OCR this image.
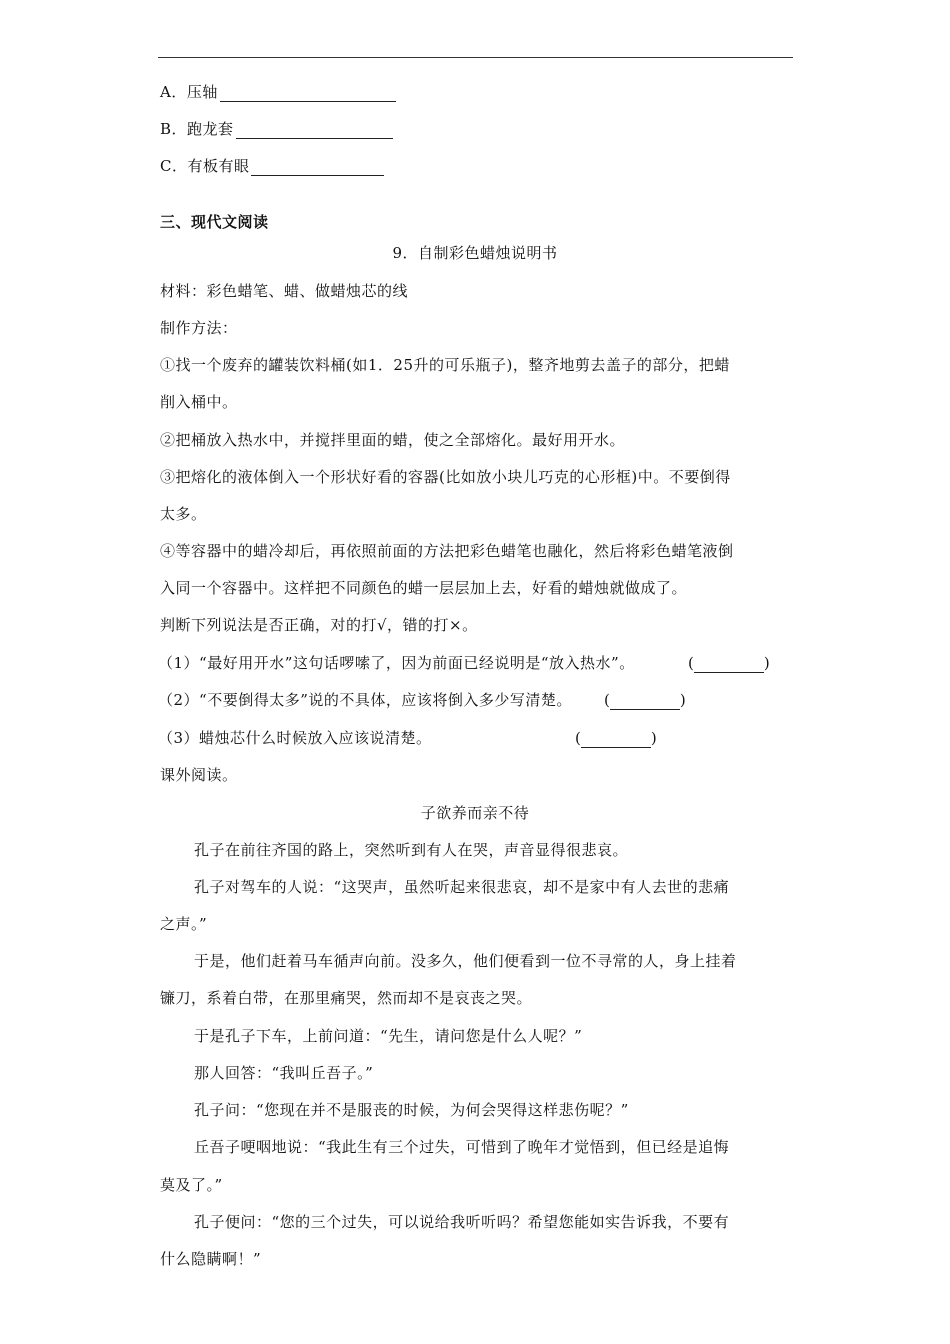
A．压轴
B．跑龙套
C．有板有眼
三、现代文阅读
9．自制彩色蜡烛说明书
材料：彩色蜡笔、蜡、做蜡烛芯的线
制作方法：
①找一个废弃的罐装饮料桶(如1．25升的可乐瓶子)，整齐地剪去盖子的部分，把蜡
削入桶中。
②把桶放入热水中，并搅拌里面的蜡，使之全部熔化。最好用开水。
③把熔化的液体倒入一个形状好看的容器(比如放小块儿巧克的心形框)中。不要倒得
太多。
④等容器中的蜡冷却后，再依照前面的方法把彩色蜡笔也融化，然后将彩色蜡笔液倒
入同一个容器中。这样把不同颜色的蜡一层层加上去，好看的蜡烛就做成了。
判断下列说法是否正确，对的打√，错的打×。
（1）“最好用开水”这句话啰嗦了，因为前面已经说明是“放入热水”。	(	)
（2）“不要倒得太多”说的不具体，应该将倒入多少写清楚。 (	)
（3）蜡烛芯什么时候放入应该说清楚。	(	)
课外阅读。
子欲养而亲不待
孔子在前往齐国的路上，突然听到有人在哭，声音显得很悲哀。
孔子对驾车的人说：“这哭声，虽然听起来很悲哀，却不是家中有人去世的悲痛
之声。”
于是，他们赶着马车循声向前。没多久，他们便看到一位不寻常的人，身上挂着
镰刀，系着白带，在那里痛哭，然而却不是哀丧之哭。
于是孔子下车，上前问道：“先生，请问您是什么人呢？”
那人回答：“我叫丘吾子。”
孔子问：“您现在并不是服丧的时候，为何会哭得这样悲伤呢？”
丘吾子哽咽地说：“我此生有三个过失，可惜到了晚年才觉悟到，但已经是追悔
莫及了。”
孔子便问：“您的三个过失，可以说给我听听吗？希望您能如实告诉我，不要有
什么隐瞒啊！”
